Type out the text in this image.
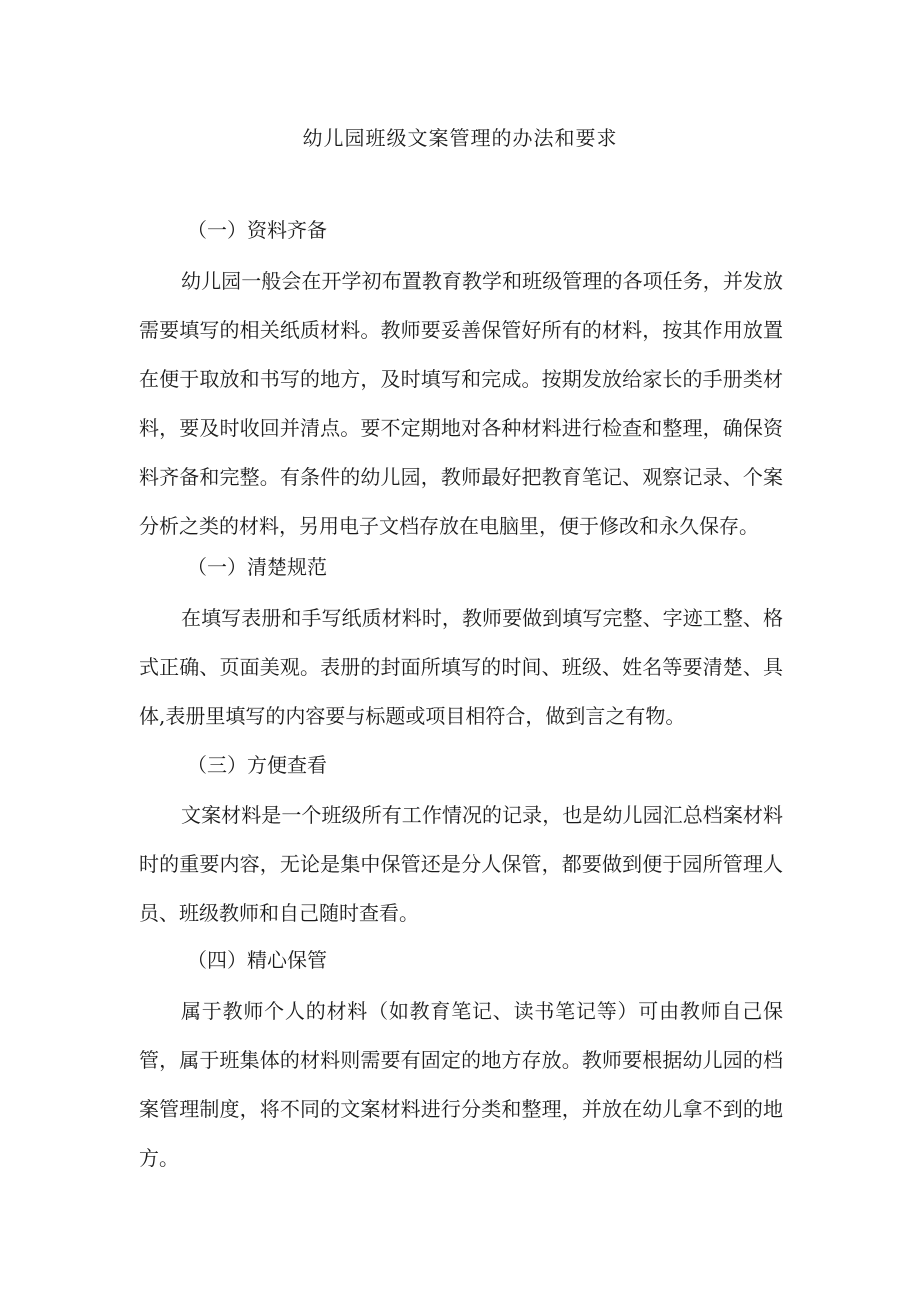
幼儿园班级文案管理的办法和要求
（一）资料齐备
幼儿园一般会在开学初布置教育教学和班级管理的各项任务，并发放需要填写的相关纸质材料。教师要妥善保管好所有的材料，按其作用放置在便于取放和书写的地方，及时填写和完成。按期发放给家长的手册类材料，要及时收回并清点。要不定期地对各种材料进行检查和整理，确保资料齐备和完整。有条件的幼儿园，教师最好把教育笔记、观察记录、个案分析之类的材料，另用电子文档存放在电脑里，便于修改和永久保存。
（一）清楚规范
在填写表册和手写纸质材料时，教师要做到填写完整、字迹工整、格式正确、页面美观。表册的封面所填写的时间、班级、姓名等要清楚、具体,表册里填写的内容要与标题或项目相符合，做到言之有物。
（三）方便查看
文案材料是一个班级所有工作情况的记录，也是幼儿园汇总档案材料时的重要内容，无论是集中保管还是分人保管，都要做到便于园所管理人员、班级教师和自己随时查看。
（四）精心保管
属于教师个人的材料（如教育笔记、读书笔记等）可由教师自己保管，属于班集体的材料则需要有固定的地方存放。教师要根据幼儿园的档案管理制度，将不同的文案材料进行分类和整理，并放在幼儿拿不到的地方。
